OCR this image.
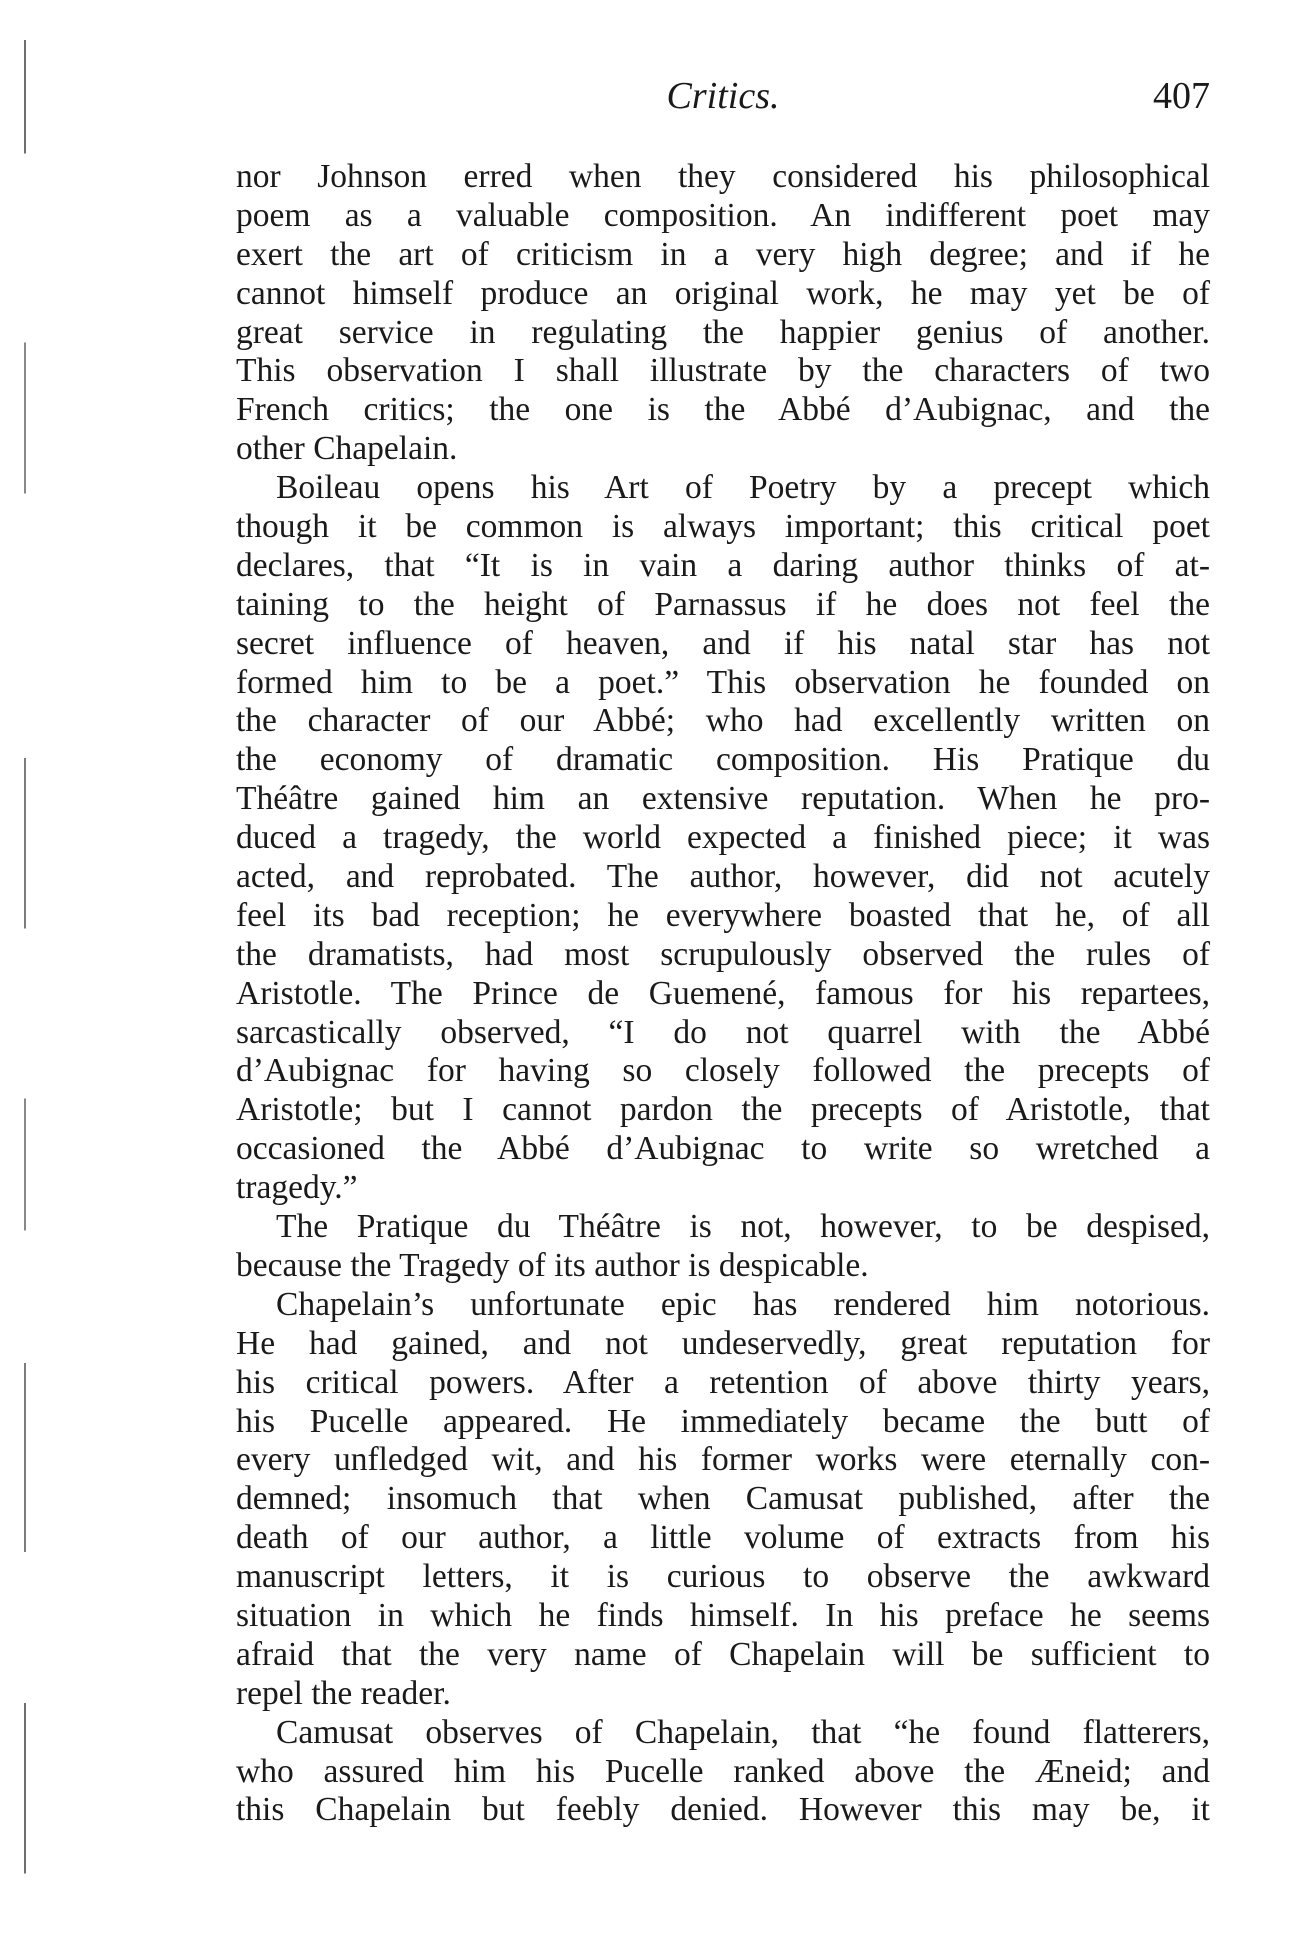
Critics.	407
nor Johnson erred when they considered his philosophical
poem as a valuable composition. An indifferent poet may
exert the art of criticism in a very high degree; and if he
cannot himself produce an original work, he may yet be of
great service in regulating the happier genius of another.
This observation I shall illustrate by the characters of two
French critics; the one is the Abbé d’Aubignac, and the
other Chapelain.
Boileau opens his Art of Poetry by a precept which
though it be common is always important; this critical poet
declares, that “It is in vain a daring author thinks of at-
taining to the height of Parnassus if he does not feel the
secret influence of heaven, and if his natal star has not
formed him to be a poet.” This observation he founded on
the character of our Abbé; who had excellently written on
the economy of dramatic composition. His Pratique du
Théâtre gained him an extensive reputation. When he pro-
duced a tragedy, the world expected a finished piece; it was
acted, and reprobated. The author, however, did not acutely
feel its bad reception; he everywhere boasted that he, of all
the dramatists, had most scrupulously observed the rules of
Aristotle. The Prince de Guemené, famous for his repartees,
sarcastically observed, “I do not quarrel with the Abbé
d’Aubignac for having so closely followed the precepts of
Aristotle; but I cannot pardon the precepts of Aristotle, that
occasioned the Abbé d’Aubignac to write so wretched a
tragedy.”
The Pratique du Théâtre is not, however, to be despised,
because the Tragedy of its author is despicable.
Chapelain’s unfortunate epic has rendered him notorious.
He had gained, and not undeservedly, great reputation for
his critical powers. After a retention of above thirty years,
his Pucelle appeared. He immediately became the butt of
every unfledged wit, and his former works were eternally con-
demned; insomuch that when Camusat published, after the
death of our author, a little volume of extracts from his
manuscript letters, it is curious to observe the awkward
situation in which he finds himself. In his preface he seems
afraid that the very name of Chapelain will be sufficient to
repel the reader.
Camusat observes of Chapelain, that “he found flatterers,
who assured him his Pucelle ranked above the Æneid; and
this Chapelain but feebly denied. However this may be, it
